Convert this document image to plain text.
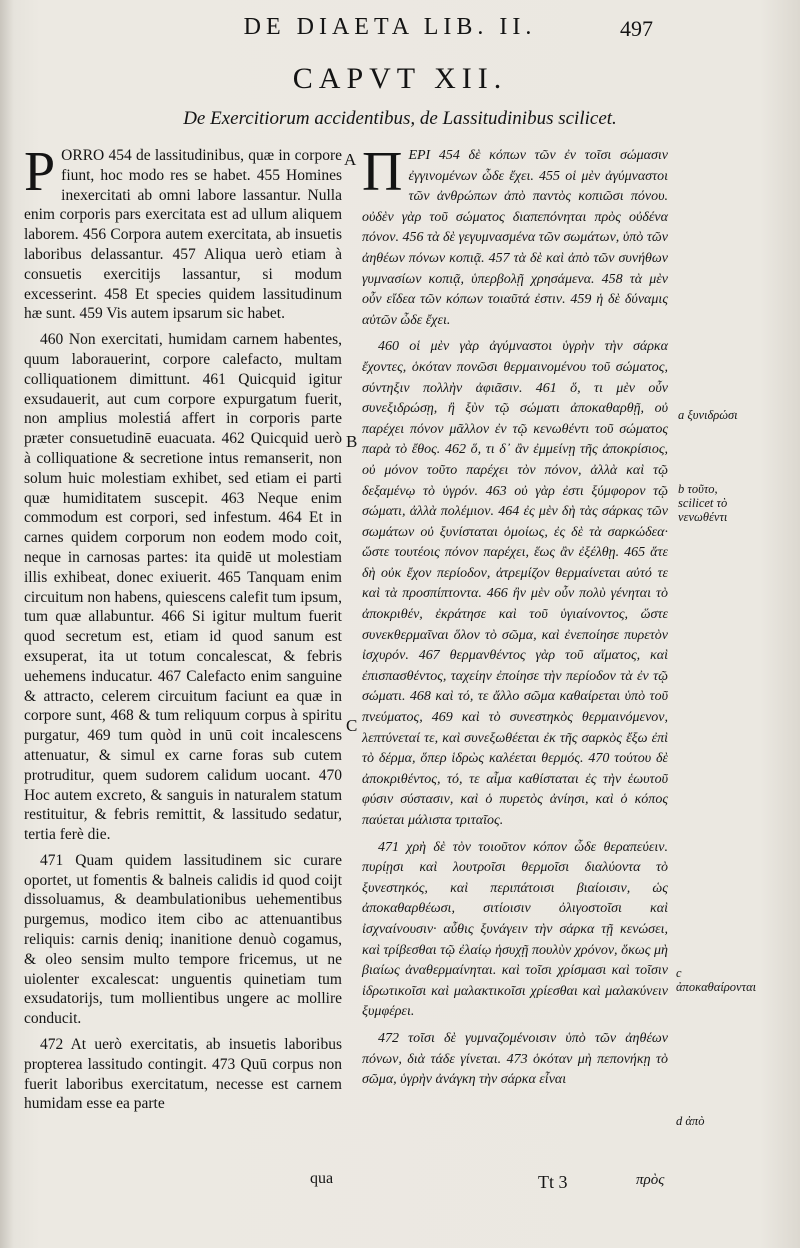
DE DIAETA LIB. II.	497
CAPVT XII.
De Exercitiorum accidentibus, de Lassitudinibus scilicet.

PORRO 454 de lassitudinibus, quæ in corpore fiunt, hoc modo res se habet. 455 Homines inexercitati ab omni labore lassantur. Nulla enim corporis pars exercitata est ad ullum aliquem laborem. 456 Corpora autem exercitata, ab insuetis laboribus delassantur. 457 Aliqua uerò etiam à consuetis exercitijs lassantur, si modum excesserint. 458 Et species quidem lassitudinum hæ sunt. 459 Vis autem ipsarum sic habet.

460 Non exercitati, humidam carnem habentes, quum laborauerint, corpore calefacto, multam colliquationem dimittunt. 461 Quicquid igitur exsudauerit, aut cum corpore expurgatum fuerit, non amplius molestiá affert in corporis parte præter consuetudinē euacuata. 462 Quicquid uerò à colliquatione & secretione intus remanserit, non solum huic molestiam exhibet, sed etiam ei parti quæ humiditatem suscepit. 463 Neque enim commodum est corpori, sed infestum. 464 Et in carnes quidem corporum non eodem modo coit, neque in carnosas partes: ita quidē ut molestiam illis exhibeat, donec exiuerit. 465 Tanquam enim circuitum non habens, quiescens calefit tum ipsum, tum quæ allabuntur. 466 Si igitur multum fuerit quod secretum est, etiam id quod sanum est exsuperat, ita ut totum concalescat, & febris uehemens inducatur. 467 Calefacto enim sanguine & attracto, celerem circuitum faciunt ea quæ in corpore sunt, 468 & tum reliquum corpus à spiritu purgatur, 469 tum quòd in unū coit incalescens attenuatur, & simul ex carne foras sub cutem protruditur, quem sudorem calidum uocant. 470 Hoc autem excreto, & sanguis in naturalem statum restituitur, & febris remittit, & lassitudo sedatur, tertia ferè die.

471 Quam quidem lassitudinem sic curare oportet, ut fomentis & balneis calidis id quod coijt dissoluamus, & deambulationibus uehementibus purgemus, modico item cibo ac attenuantibus reliquis: carnis deniq; inanitione denuò cogamus, & oleo sensim multo tempore fricemus, ut ne uiolenter excalescat: unguentis quinetiam tum exsudatorijs, tum mollientibus ungere ac mollire conducit.

472 At uerò exercitatis, ab insuetis laboribus propterea lassitudo contingit. 473 Quū corpus non fuerit laboribus exercitatum, necesse est carnem humidam esse ea parte

A
B
C

ΠΕΡΙ 454 δὲ κόπων τῶν ἐν τοῖσι σώμασιν ἐγγινομένων ὧδε ἔχει. 455 οἱ μὲν ἀγύμναστοι τῶν ἀνθρώπων ἀπὸ παντὸς κοπιῶσι πόνου. οὐδὲν γὰρ τοῦ σώματος διαπεπόνηται πρὸς οὐδένα πόνον. 456 τὰ δὲ γεγυμνασμένα τῶν σωμάτων, ὑπὸ τῶν ἀηθέων πόνων κοπιᾷ. 457 τὰ δὲ καὶ ἀπὸ τῶν συνήθων γυμνασίων κοπιᾷ, ὑπερβολῇ χρησάμενα. 458 τὰ μὲν οὖν εἴδεα τῶν κόπων τοιαῦτά ἐστιν. 459 ἡ δὲ δύναμις αὐτῶν ὧδε ἔχει.

460 οἱ μὲν γὰρ ἀγύμναστοι ὑγρὴν τὴν σάρκα ἔχοντες, ὁκόταν πονῶσι θερμαινομένου τοῦ σώματος, σύντηξιν πολλὴν ἀφιᾶσιν. 461 ὅ, τι μὲν οὖν συνεξιδρώσῃ, ἢ ξὺν τῷ σώματι ἀποκαθαρθῇ, οὐ παρέχει πόνον μᾶλλον ἐν τῷ κενωθέντι τοῦ σώματος παρὰ τὸ ἔθος. 462 ὅ, τι δ᾽ ἂν ἐμμείνῃ τῆς ἀποκρίσιος, οὐ μόνον τοῦτο παρέχει τὸν πόνον, ἀλλὰ καὶ τῷ δεξαμένῳ τὸ ὑγρόν. 463 οὐ γὰρ ἐστι ξύμφορον τῷ σώματι, ἀλλὰ πολέμιον. 464 ἐς μὲν δὴ τὰς σάρκας τῶν σωμάτων οὐ ξυνίσταται ὁμοίως, ἐς δὲ τὰ σαρκώδεα· ὥστε τουτέοις πόνον παρέχει, ἕως ἂν ἐξέλθῃ. 465 ἅτε δὴ οὐκ ἔχον περίοδον, ἀτρεμίζον θερμαίνεται αὐτό τε καὶ τὰ προσπίπτοντα. 466 ἢν μὲν οὖν πολὺ γένηται τὸ ἀποκριθέν, ἐκράτησε καὶ τοῦ ὑγιαίνοντος, ὥστε συνεκθερμαῖναι ὅλον τὸ σῶμα, καὶ ἐνεποίησε πυρετὸν ἰσχυρόν. 467 θερμανθέντος γὰρ τοῦ αἵματος, καὶ ἐπισπασθέντος, ταχείην ἐποίησε τὴν περίοδον τὰ ἐν τῷ σώματι. 468 καὶ τό, τε ἄλλο σῶμα καθαίρεται ὑπὸ τοῦ πνεύματος, 469 καὶ τὸ συνεστηκὸς θερμαινόμενον, λεπτύνεταί τε, καὶ συνεξωθέεται ἐκ τῆς σαρκὸς ἔξω ἐπὶ τὸ δέρμα, ὅπερ ἱδρὼς καλέεται θερμός. 470 τούτου δὲ ἀποκριθέντος, τό, τε αἷμα καθίσταται ἐς τὴν ἑωυτοῦ φύσιν σύστασιν, καὶ ὁ πυρετὸς ἀνίησι, καὶ ὁ κόπος παύεται μάλιστα τριταῖος.

471 χρὴ δὲ τὸν τοιοῦτον κόπον ὧδε θεραπεύειν. πυρίῃσι καὶ λουτροῖσι θερμοῖσι διαλύοντα τὸ ξυνεστηκός, καὶ περιπάτοισι βιαίοισιν, ὡς ἀποκαθαρθέωσι, σιτίοισιν ὀλιγοστοῖσι καὶ ἰσχναίνουσιν· αὖθις ξυνάγειν τὴν σάρκα τῇ κενώσει, καὶ τρίβεσθαι τῷ ἐλαίῳ ἡσυχῇ πουλὺν χρόνον, ὅκως μὴ βιαίως ἀναθερμαίνηται. καὶ τοῖσι χρίσμασι καὶ τοῖσιν ἱδρωτικοῖσι καὶ μαλακτικοῖσι χρίεσθαι καὶ μαλακύνειν ξυμφέρει.

472 τοῖσι δὲ γυμναζομένοισιν ὑπὸ τῶν ἀηθέων πόνων, διὰ τάδε γίνεται. 473 ὁκόταν μὴ πεπονήκῃ τὸ σῶμα, ὑγρὴν ἀνάγκη τὴν σάρκα εἶναι

a ξυνιδρώσι
b τοῦτο, scilicet τὸ νενωθέντι
c ἀποκαθαίρονται
d ἀπὸ
qua	Tt 3	πρὸς
